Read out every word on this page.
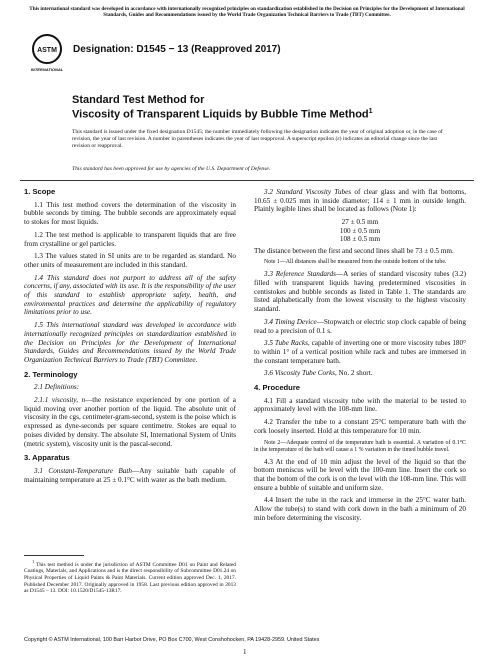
This international standard was developed in accordance with internationally recognized principles on standardization established in the Decision on Principles for the Development of International Standards, Guides and Recommendations issued by the World Trade Organization Technical Barriers to Trade (TBT) Committee.
ASTM
INTERNATIONAL
Designation: D1545 − 13 (Reapproved 2017)
Standard Test Method for
Viscosity of Transparent Liquids by Bubble Time Method$^1$
This standard is issued under the fixed designation D1545; the number immediately following the designation indicates the year of original adoption or, in the case of revision, the year of last revision. A number in parentheses indicates the year of last reapproval. A superscript epsilon (ε) indicates an editorial change since the last revision or reapproval.
This standard has been approved for use by agencies of the U.S. Department of Defense.
1. Scope

1.1 This test method covers the determination of the viscosity in bubble seconds by timing. The bubble seconds are approximately equal to stokes for most liquids.

1.2 The test method is applicable to transparent liquids that are free from crystalline or gel particles.

1.3 The values stated in SI units are to be regarded as standard. No other units of measurement are included in this standard.

1.4 This standard does not purport to address all of the safety concerns, if any, associated with its use. It is the responsibility of the user of this standard to establish appropriate safety, health, and environmental practices and determine the applicability of regulatory limitations prior to use.

1.5 This international standard was developed in accordance with internationally recognized principles on standardization established in the Decision on Principles for the Development of International Standards, Guides and Recommendations issued by the World Trade Organization Technical Barriers to Trade (TBT) Committee.

2. Terminology

2.1 Definitions:

2.1.1 viscosity, n—the resistance experienced by one portion of a liquid moving over another portion of the liquid. The absolute unit of viscosity in the cgs, centimeter-gram-second, system is the poise which is expressed as dyne-seconds per square centimetre. Stokes are equal to poises divided by density. The absolute SI, International System of Units (metric system), viscosity unit is the pascal-second.

3. Apparatus

3.1 Constant-Temperature Bath—Any suitable bath capable of maintaining temperature at 25 ± 0.1°C with water as the bath medium.

$^1$ This test method is under the jurisdiction of ASTM Committee D01 on Paint and Related Coatings, Materials, and Applications and is the direct responsibility of Subcommittee D01.24 on Physical Properties of Liquid Paints & Paint Materials. Current edition approved Dec. 1, 2017. Published December 2017. Originally approved in 1958. Last previous edition approved in 2013 as D1545 – 13. DOI: 10.1520/D1545-13R17.

3.2 Standard Viscosity Tubes of clear glass and with flat bottoms, 10.65 ± 0.025 mm in inside diameter; 114 ± 1 mm in outside length. Plainly legible lines shall be located as follows (Note 1):

27 ± 0.5 mm
100 ± 0.5 mm
108 ± 0.5 mm

The distance between the first and second lines shall be 73 ± 0.5 mm.

Note 1—All distances shall be measured from the outside bottom of the tube.

3.3 Reference Standards—A series of standard viscosity tubes (3.2) filled with transparent liquids having predetermined viscosities in centistokes and bubble seconds as listed in Table 1. The standards are listed alphabetically from the lowest viscosity to the highest viscosity standard.

3.4 Timing Device—Stopwatch or electric stop clock capable of being read to a precision of 0.1 s.

3.5 Tube Racks, capable of inverting one or more viscosity tubes 180° to within 1° of a vertical position while rack and tubes are immersed in the constant temperature bath.

3.6 Viscosity Tube Corks, No. 2 short.

4. Procedure

4.1 Fill a standard viscosity tube with the material to be tested to approximately level with the 108-mm line.

4.2 Transfer the tube to a constant 25°C temperature bath with the cork loosely inserted. Hold at this temperature for 10 min.

Note 2—Adequate control of the temperature bath is essential. A variation of 0.1°C in the temperature of the bath will cause a 1 % variation in the timed bubble travel.

4.3 At the end of 10 min adjust the level of the liquid so that the bottom meniscus will be level with the 100-mm line. Insert the cork so that the bottom of the cork is on the level with the 108-mm line. This will ensure a bubble of suitable and uniform size.

4.4 Insert the tube in the rack and immerse in the 25°C water bath. Allow the tube(s) to stand with cork down in the bath a minimum of 20 min before determining the viscosity.

Copyright © ASTM International, 100 Barr Harbor Drive, PO Box C700, West Conshohocken, PA 19428-2959. United States
1
